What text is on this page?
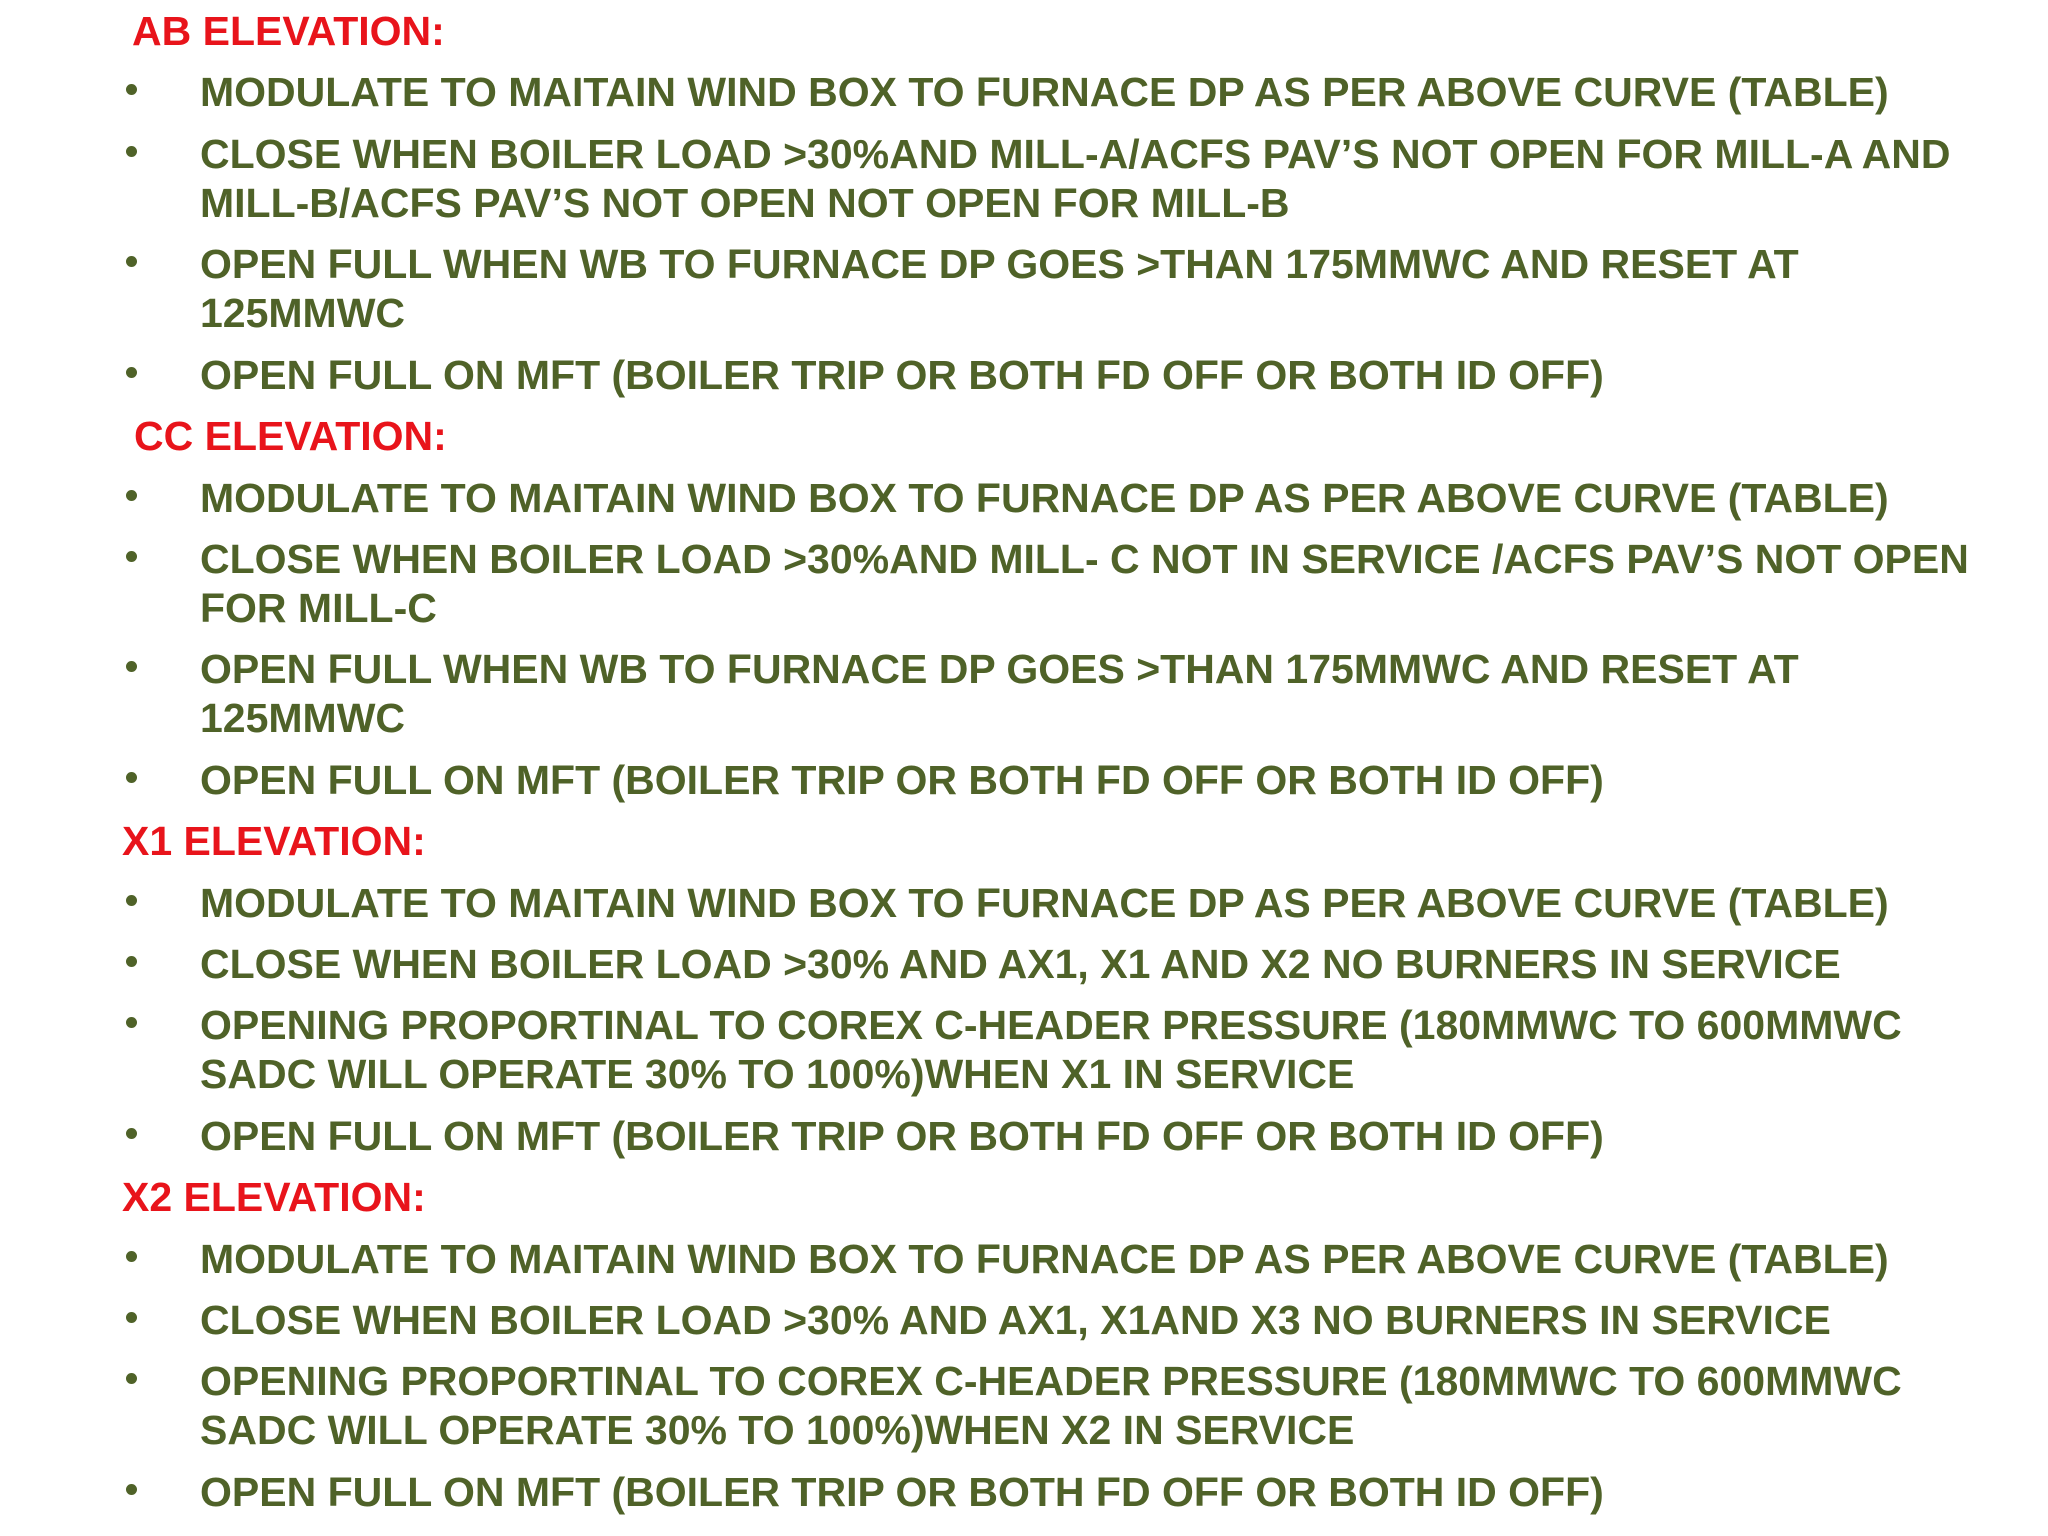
AB ELEVATION:
MODULATE TO MAITAIN WIND BOX TO FURNACE DP AS PER ABOVE CURVE (TABLE)
CLOSE WHEN BOILER LOAD >30%AND MILL-A/ACFS PAV’S NOT OPEN FOR MILL-A AND
MILL-B/ACFS PAV’S NOT OPEN NOT OPEN FOR MILL-B
OPEN FULL WHEN WB TO FURNACE DP GOES >THAN 175MMWC AND RESET AT
125MMWC
OPEN FULL ON MFT (BOILER TRIP OR BOTH FD OFF OR BOTH ID OFF)
CC ELEVATION:
MODULATE TO MAITAIN WIND BOX TO FURNACE DP AS PER ABOVE CURVE (TABLE)
CLOSE WHEN BOILER LOAD >30%AND MILL- C NOT IN SERVICE /ACFS PAV’S NOT OPEN
FOR MILL-C
OPEN FULL WHEN WB TO FURNACE DP GOES >THAN 175MMWC AND RESET AT
125MMWC
OPEN FULL ON MFT (BOILER TRIP OR BOTH FD OFF OR BOTH ID OFF)
X1 ELEVATION:
MODULATE TO MAITAIN WIND BOX TO FURNACE DP AS PER ABOVE CURVE (TABLE)
CLOSE WHEN BOILER LOAD >30% AND AX1, X1 AND X2 NO BURNERS IN SERVICE
OPENING PROPORTINAL TO COREX C-HEADER PRESSURE (180MMWC TO 600MMWC
SADC WILL OPERATE 30% TO 100%)WHEN X1 IN SERVICE
OPEN FULL ON MFT (BOILER TRIP OR BOTH FD OFF OR BOTH ID OFF)
X2 ELEVATION:
MODULATE TO MAITAIN WIND BOX TO FURNACE DP AS PER ABOVE CURVE (TABLE)
CLOSE WHEN BOILER LOAD >30% AND AX1, X1AND X3 NO BURNERS IN SERVICE
OPENING PROPORTINAL TO COREX C-HEADER PRESSURE (180MMWC TO 600MMWC
SADC WILL OPERATE 30% TO 100%)WHEN X2 IN SERVICE
OPEN FULL ON MFT (BOILER TRIP OR BOTH FD OFF OR BOTH ID OFF)
